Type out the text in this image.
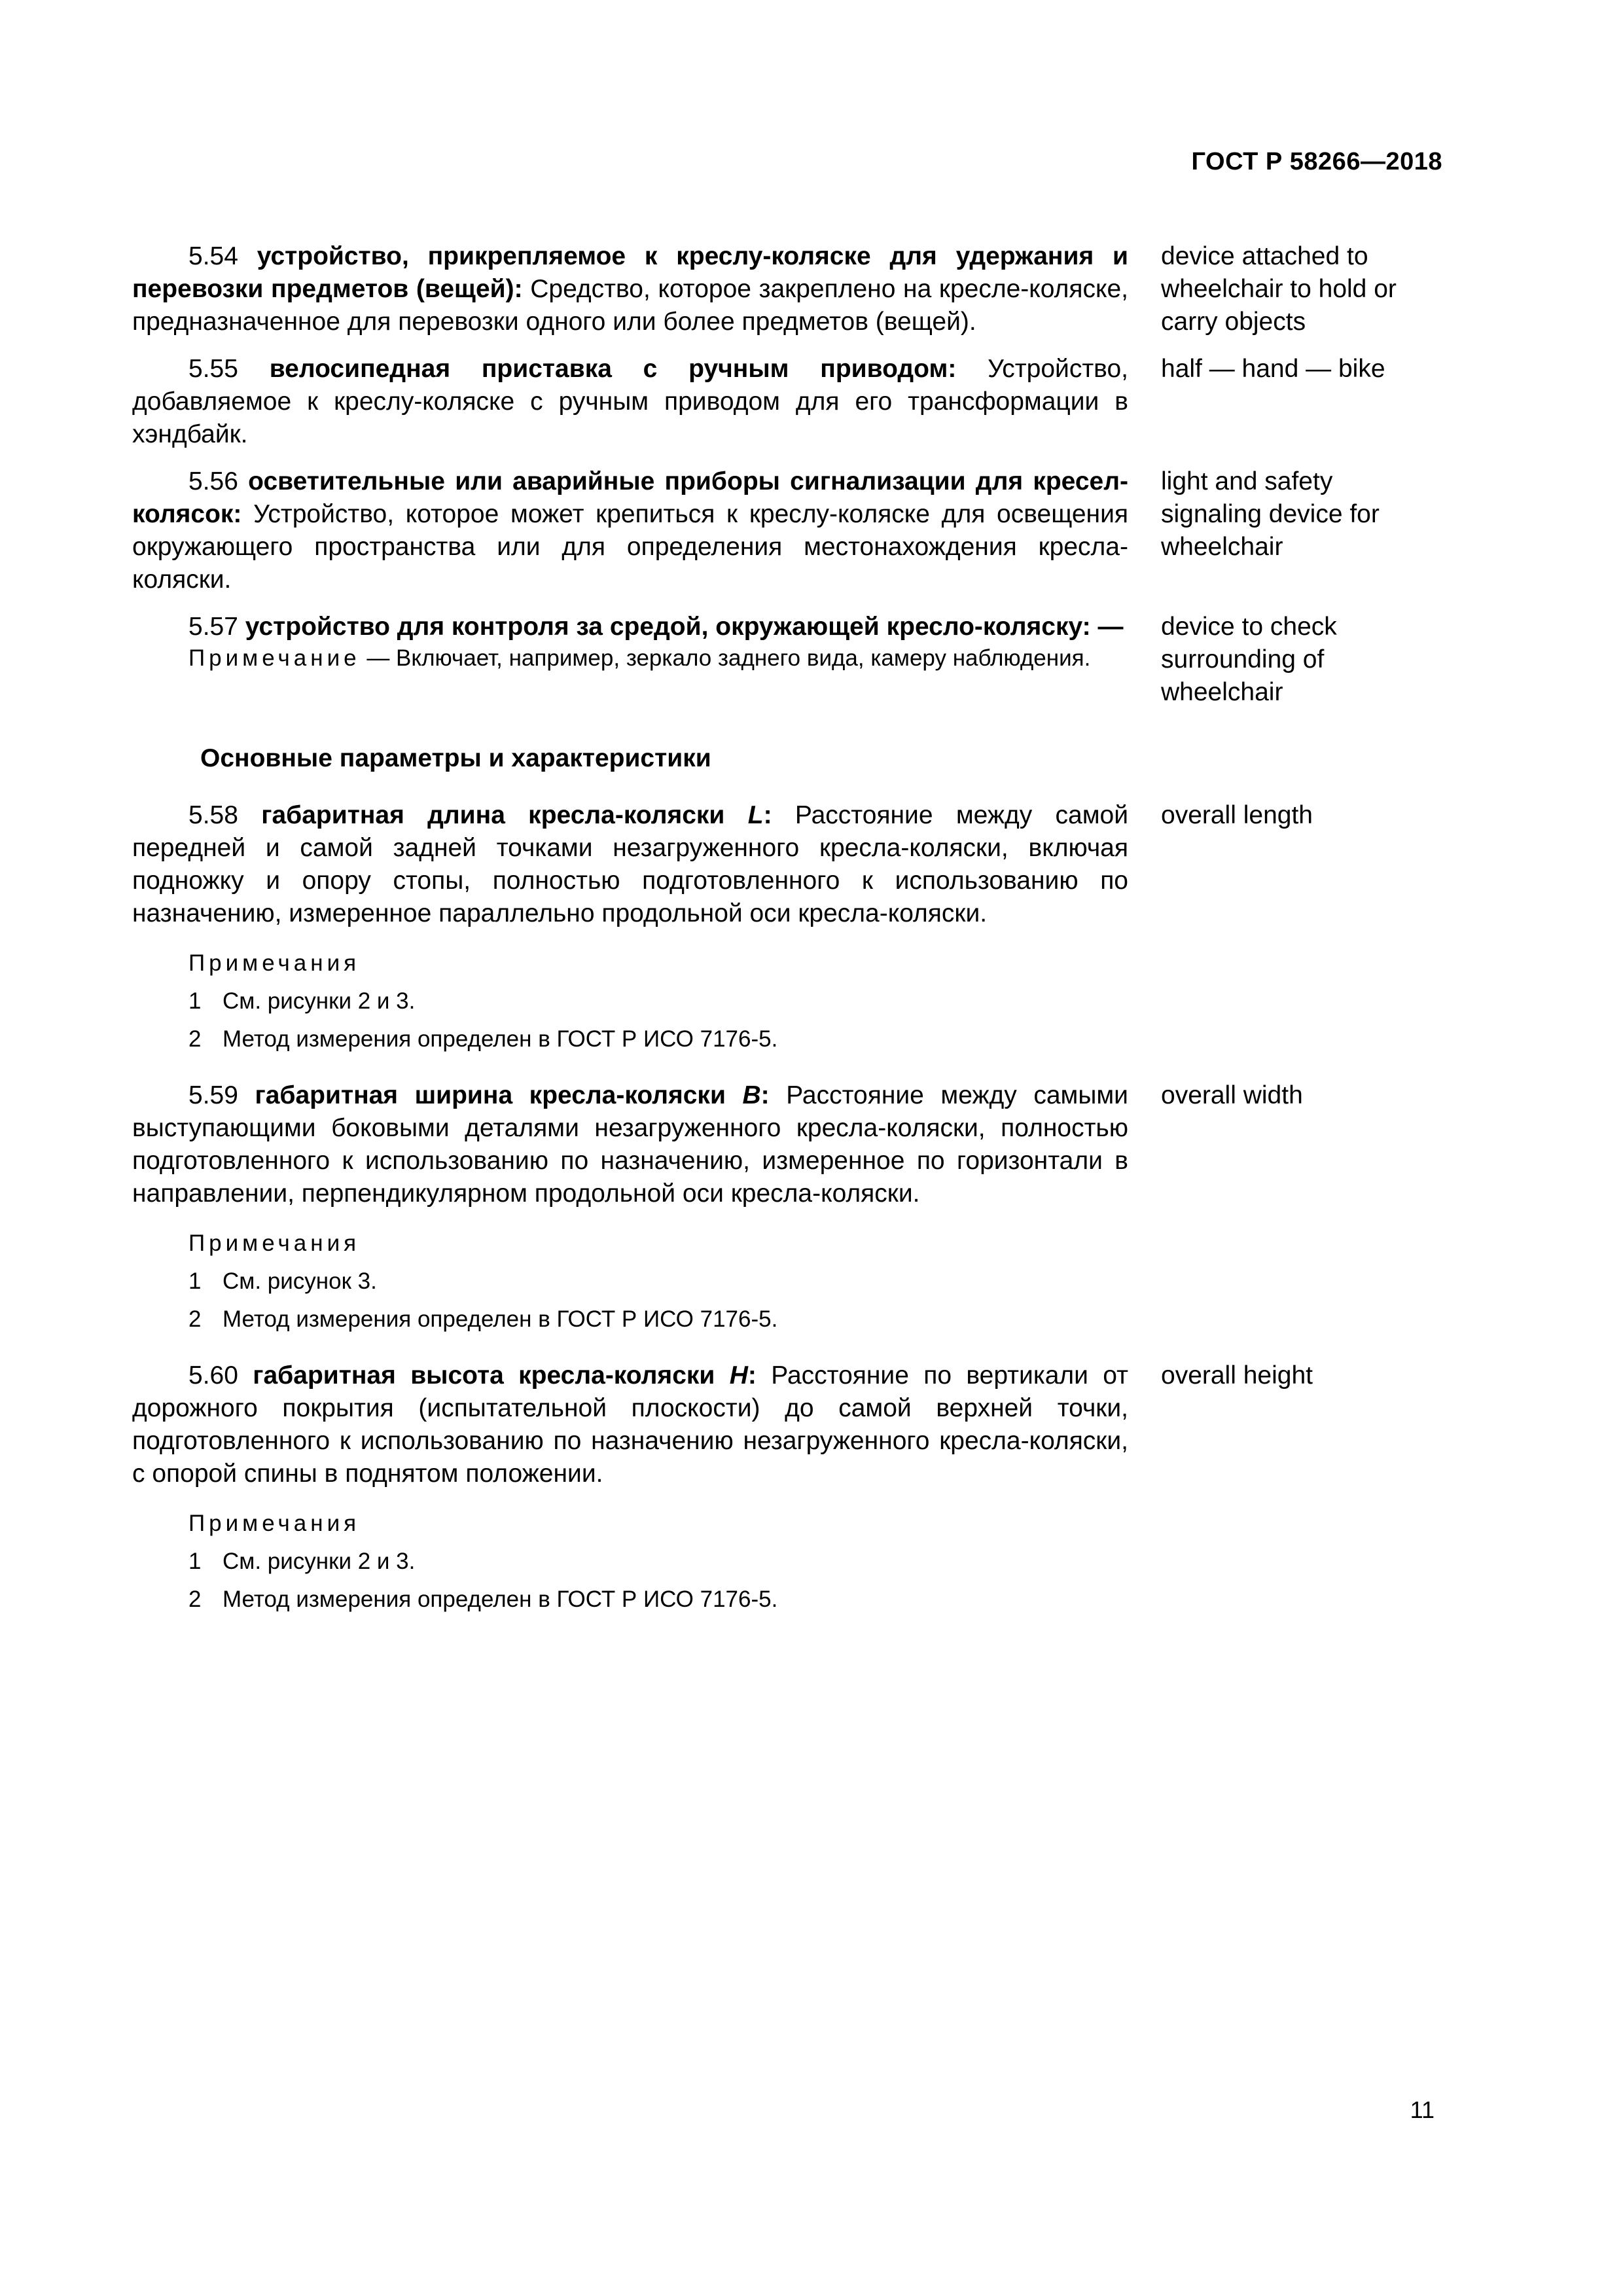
ГОСТ Р 58266—2018

5.54 устройство, прикрепляемое к креслу-коляске для удержания и перевозки предметов (вещей): Средство, которое закреплено на кресле-коляске, предназначенное для перевозки одного или более предметов (вещей).

device attached to
wheelchair to hold or
carry objects

5.55 велосипедная приставка с ручным приводом: Устройство, добавляемое к креслу-коляске с ручным приводом для его трансформации в хэндбайк.

half — hand — bike

5.56 осветительные или аварийные приборы сигнализации для кресел-колясок: Устройство, которое может крепиться к креслу-коляске для освещения окружающего пространства или для определения местонахождения кресла-коляски.

light and safety
signaling device for
wheelchair

5.57 устройство для контроля за средой, окружающей кресло-коляску: —

Примечание — Включает, например, зеркало заднего вида, камеру наблюдения.

device to check
surrounding of
wheelchair
Основные параметры и характеристики

5.58 габаритная длина кресла-коляски L: Расстояние между самой передней и самой задней точками незагруженного кресла-коляски, включая подножку и опору стопы, полностью подготовленного к использованию по назначению, измеренное параллельно продольной оси кресла-коляски.

Примечания
1 См. рисунки 2 и 3.
2 Метод измерения определен в ГОСТ Р ИСО 7176-5.
overall length

5.59 габаритная ширина кресла-коляски B: Расстояние между самыми выступающими боковыми деталями незагруженного кресла-коляски, полностью подготовленного к использованию по назначению, измеренное по горизонтали в направлении, перпендикулярном продольной оси кресла-коляски.

Примечания
1 См. рисунок 3.
2 Метод измерения определен в ГОСТ Р ИСО 7176-5.
overall width

5.60 габаритная высота кресла-коляски H: Расстояние по вертикали от дорожного покрытия (испытательной плоскости) до самой верхней точки, подготовленного к использованию по назначению незагруженного кресла-коляски, с опорой спины в поднятом положении.

Примечания
1 См. рисунки 2 и 3.
2 Метод измерения определен в ГОСТ Р ИСО 7176-5.
overall height
11
